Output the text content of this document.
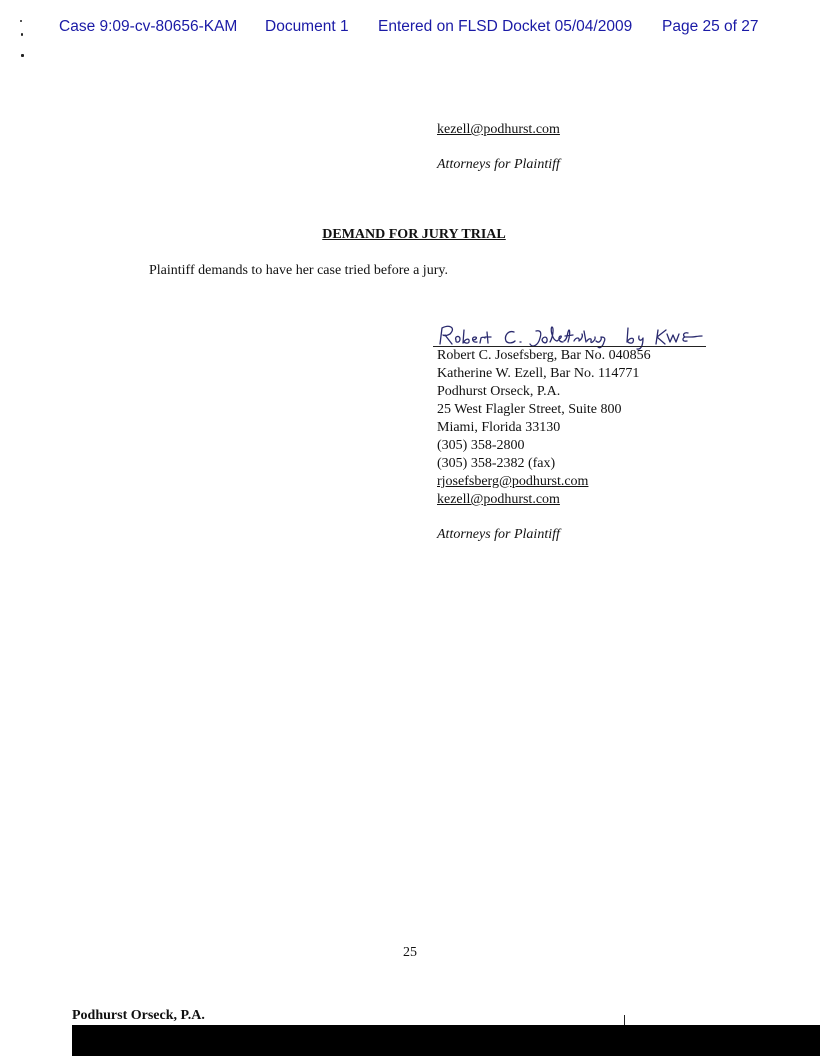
Case 9:09-cv-80656-KAM Document 1 Entered on FLSD Docket 05/04/2009 Page 25 of 27
kezell@podhurst.com
Attorneys for Plaintiff
DEMAND FOR JURY TRIAL
Plaintiff demands to have her case tried before a jury.
Robert C. Josefsberg, Bar No. 040856
Katherine W. Ezell, Bar No. 114771
Podhurst Orseck, P.A.
25 West Flagler Street, Suite 800
Miami, Florida 33130
(305) 358-2800
(305) 358-2382 (fax)
rjosefsberg@podhurst.com
kezell@podhurst.com
Attorneys for Plaintiff
25
Podhurst Orseck, P.A.
